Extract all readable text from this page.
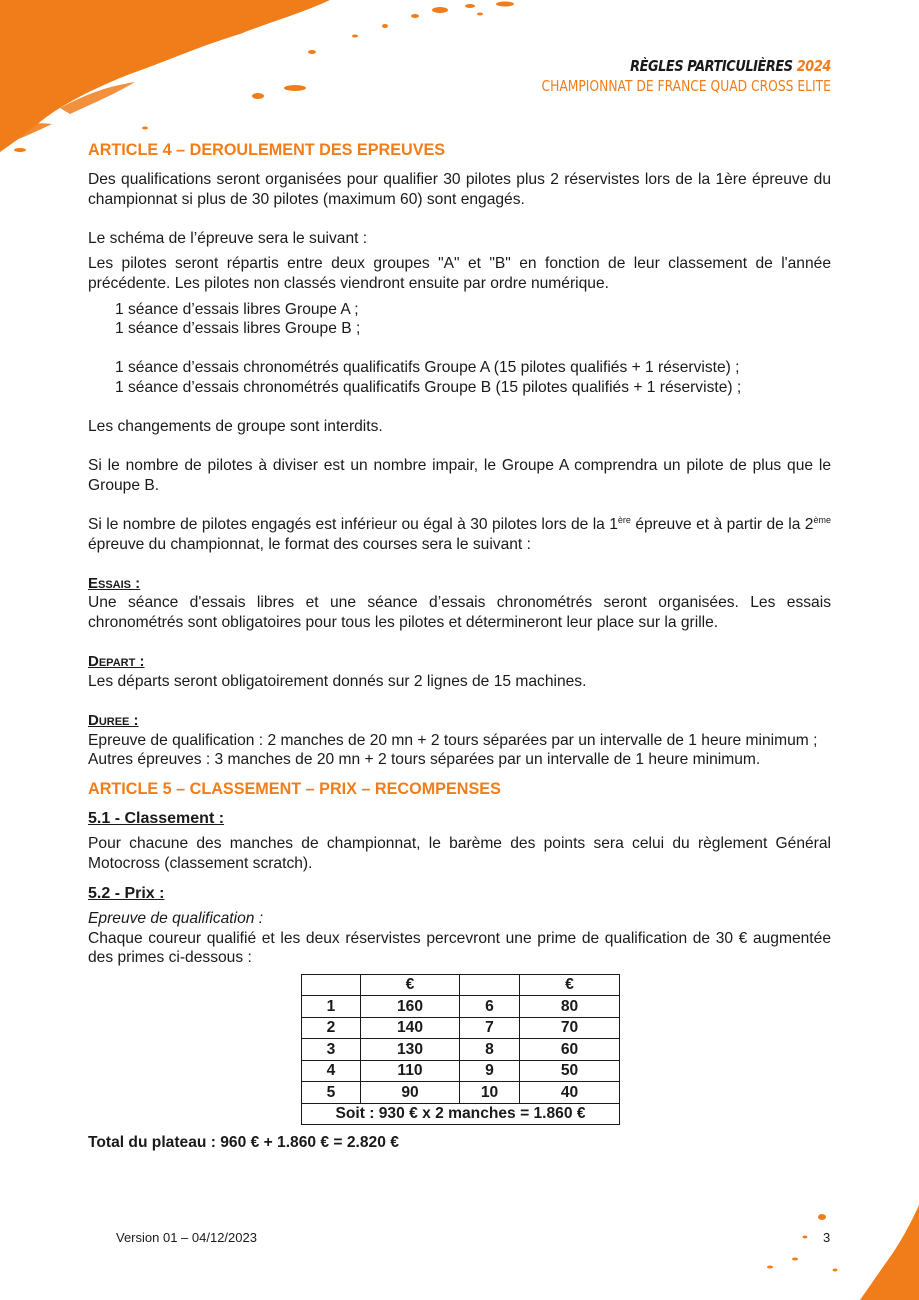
RÈGLES PARTICULIÈRES 2024
CHAMPIONNAT DE FRANCE QUAD CROSS ELITE
ARTICLE 4 – DEROULEMENT DES EPREUVES

Des qualifications seront organisées pour qualifier 30 pilotes plus 2 réservistes lors de la 1ère épreuve du championnat si plus de 30 pilotes (maximum 60) sont engagés.

Le schéma de l’épreuve sera le suivant :

Les pilotes seront répartis entre deux groupes "A" et "B" en fonction de leur classement de l'année précédente. Les pilotes non classés viendront ensuite par ordre numérique.

1 séance d’essais libres Groupe A ;
1 séance d’essais libres Groupe B ;
1 séance d’essais chronométrés qualificatifs Groupe A (15 pilotes qualifiés + 1 réserviste) ;
1 séance d’essais chronométrés qualificatifs Groupe B (15 pilotes qualifiés + 1 réserviste) ;

Les changements de groupe sont interdits.

Si le nombre de pilotes à diviser est un nombre impair, le Groupe A comprendra un pilote de plus que le Groupe B.

Si le nombre de pilotes engagés est inférieur ou égal à 30 pilotes lors de la 1ère épreuve et à partir de la 2ème épreuve du championnat, le format des courses sera le suivant :

Essais :

Une séance d'essais libres et une séance d’essais chronométrés seront organisées. Les essais chronométrés sont obligatoires pour tous les pilotes et détermineront leur place sur la grille.

Depart :

Les départs seront obligatoirement donnés sur 2 lignes de 15 machines.

Duree :

Epreuve de qualification : 2 manches de 20 mn + 2 tours séparées par un intervalle de 1 heure minimum ;

Autres épreuves : 3 manches de 20 mn + 2 tours séparées par un intervalle de 1 heure minimum.

ARTICLE 5 – CLASSEMENT – PRIX – RECOMPENSES
5.1 - Classement :

Pour chacune des manches de championnat, le barème des points sera celui du règlement Général Motocross (classement scratch).

5.2 - Prix :

Epreuve de qualification :

Chaque coureur qualifié et les deux réservistes percevront une prime de qualification de 30 € augmentée des primes ci-dessous :

	€		€
1	160	6	80
2	140	7	70
3	130	8	60
4	110	9	50
5	90	10	40
Soit : 930 € x 2 manches = 1.860 €			
Total du plateau : 960 € + 1.860 € = 2.820 €
Version 01 – 04/12/2023	3
